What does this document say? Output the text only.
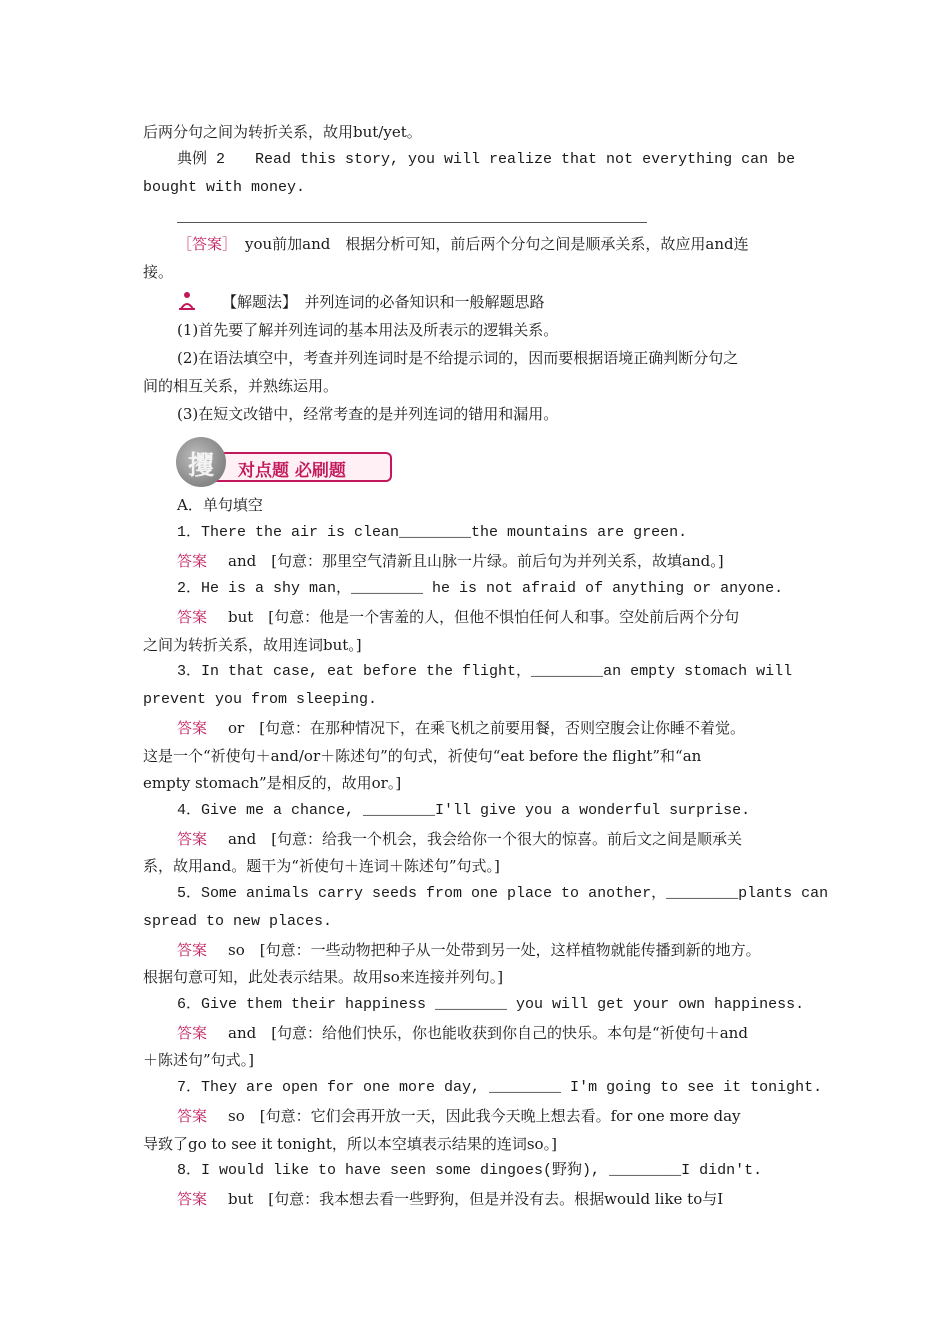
后两分句之间为转折关系，故用but/yet。
典例 2　　Read this story, you will realize that not everything can be
bought with money.
［答案］ you前加and　根据分析可知，前后两个分句之间是顺承关系，故应用and连
接。
【解题法】　并列连词的必备知识和一般解题思路
(1)首先要了解并列连词的基本用法及所表示的逻辑关系。
(2)在语法填空中，考查并列连词时是不给提示词的，因而要根据语境正确判断分句之
间的相互关系，并熟练运用。
(3)在短文改错中，经常考查的是并列连词的错用和漏用。
对点题 必刷题
攫
A．单句填空
1．There the air is clean________the mountains are green.
答案 and　[句意：那里空气清新且山脉一片绿。前后句为并列关系，故填and。]
2．He is a shy man，________ he is not afraid of anything or anyone.
答案 but　[句意：他是一个害羞的人，但他不惧怕任何人和事。空处前后两个分句
之间为转折关系，故用连词but。]
3．In that case, eat before the flight，________an empty stomach will
prevent you from sleeping.
答案 or　[句意：在那种情况下，在乘飞机之前要用餐，否则空腹会让你睡不着觉。
这是一个“祈使句＋and/or＋陈述句”的句式，祈使句“eat before the flight”和“an
empty stomach”是相反的，故用or。]
4．Give me a chance, ________I'll give you a wonderful surprise.
答案 and　[句意：给我一个机会，我会给你一个很大的惊喜。前后文之间是顺承关
系，故用and。题干为“祈使句＋连词＋陈述句”句式。]
5．Some animals carry seeds from one place to another，________plants can
spread to new places.
答案 so　[句意：一些动物把种子从一处带到另一处，这样植物就能传播到新的地方。
根据句意可知，此处表示结果。故用so来连接并列句。]
6．Give them their happiness ________ you will get your own happiness.
答案 and　[句意：给他们快乐，你也能收获到你自己的快乐。本句是“祈使句＋and
＋陈述句”句式。]
7．They are open for one more day, ________ I'm going to see it tonight.
答案 so　[句意：它们会再开放一天，因此我今天晚上想去看。for one more day
导致了go to see it tonight，所以本空填表示结果的连词so。]
8．I would like to have seen some dingoes(野狗), ________I didn't.
答案 but　[句意：我本想去看一些野狗，但是并没有去。根据would like to与I
